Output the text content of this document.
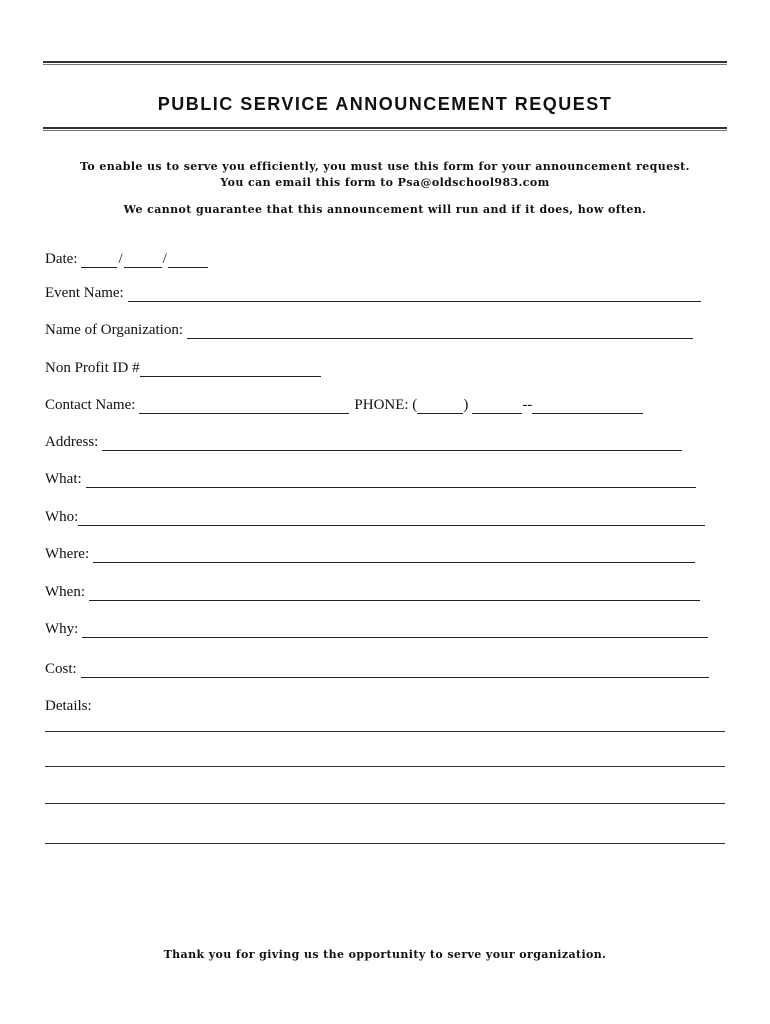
PUBLIC SERVICE ANNOUNCEMENT REQUEST
To enable us to serve you efficiently, you must use this form for your announcement request.
You can email this form to Psa@oldschool983.com
We cannot guarantee that this announcement will run and if it does, how often.
Date:	/	/
Event Name:
Name of Organization:
Non Profit ID #
Contact Name:	PHONE: (	)	--
Address:
What:
Who:
Where:
When:
Why:
Cost:
Details:
Thank you for giving us the opportunity to serve your organization.
